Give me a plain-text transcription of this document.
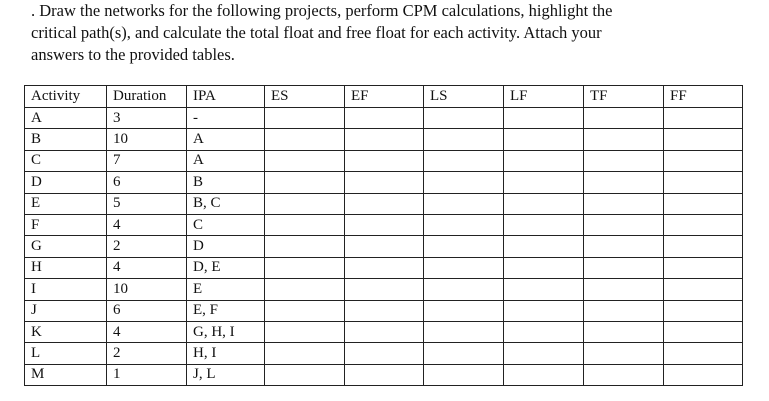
. Draw the networks for the following projects, perform CPM calculations, highlight the
critical path(s), and calculate the total float and free float for each activity. Attach your
answers to the provided tables.
Activity	Duration	IPA	ES	EF	LS	LF	TF	FF
A	3	-						
B	10	A						
C	7	A						
D	6	B						
E	5	B, C						
F	4	C						
G	2	D						
H	4	D, E						
I	10	E						
J	6	E, F						
K	4	G, H, I						
L	2	H, I						
M	1	J, L						
